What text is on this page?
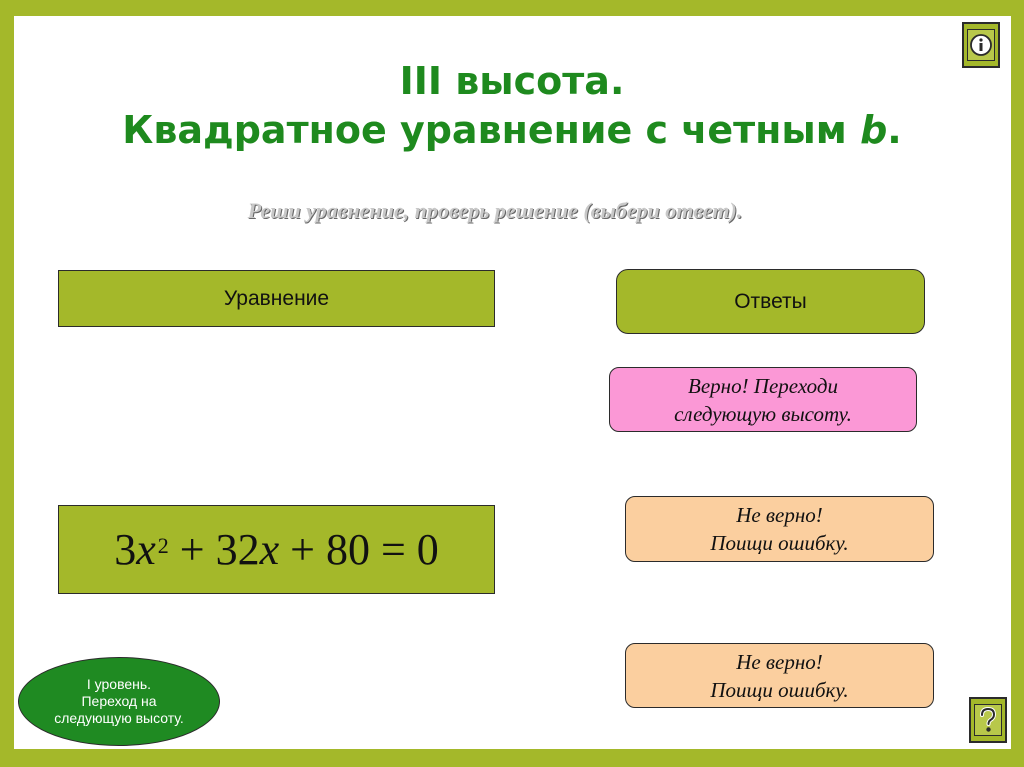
III высота.
Квадратное уравнение с четным b.
Реши уравнение, проверь решение (выбери ответ).
Уравнение	Ответы
Верно! Переходи
следующую высоту.
Не верно!
Поищи ошибку.
Не верно!
Поищи ошибку.
3 $x^2 + 32$ x + 80 = 0
I уровень.
Переход на
следующую высоту.
